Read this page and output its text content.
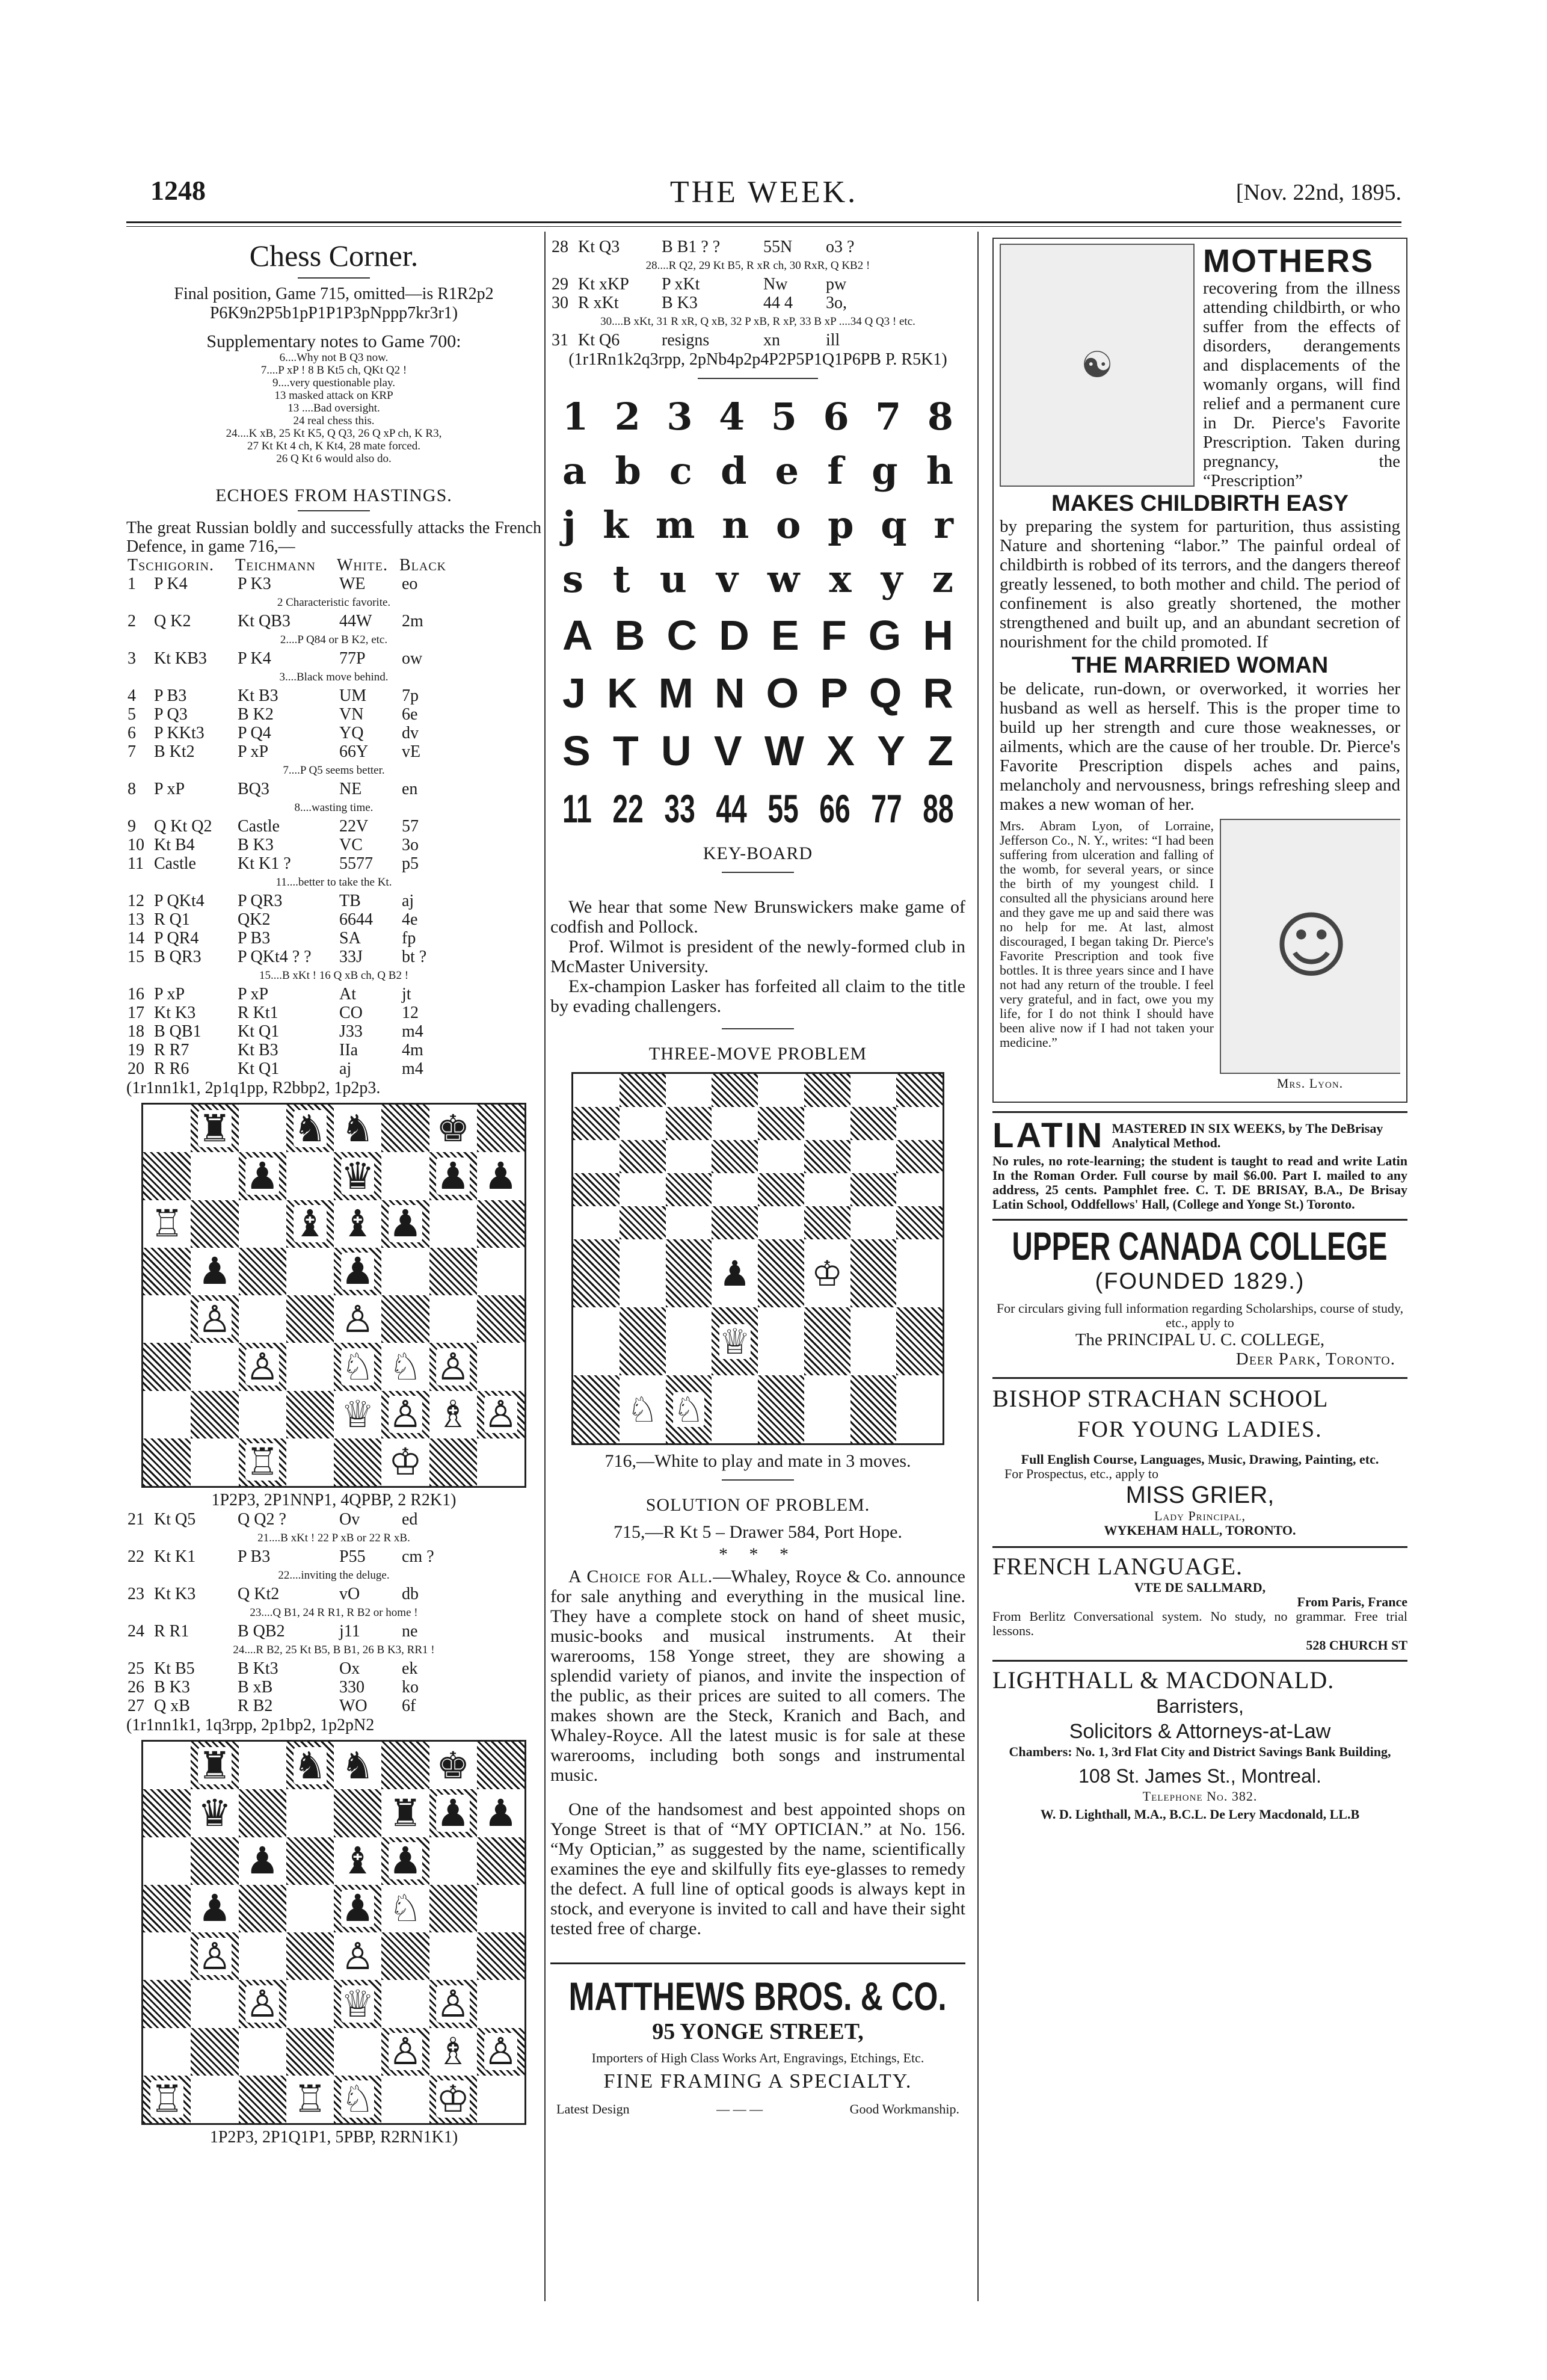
1248	THE WEEK.	[Nov. 22nd, 1895.
Chess Corner.
Final position, Game 715, omitted—is R1R2p2 P6K9n2P5b1pP1P1P3pNppp7kr3r1)
Supplementary notes to Game 700:
6....Why not B Q3 now.
7....P xP ! 8 B Kt5 ch, QKt Q2 !
9....very questionable play.
13 masked attack on KRP
13 ....Bad oversight.
24 real chess this.
24....K xB, 25 Kt K5, Q Q3, 26 Q xP ch, K R3,
27 Kt Kt 4 ch, K Kt4, 28 mate forced.
26 Q Kt 6 would also do.
ECHOES FROM HASTINGS.
The great Russian boldly and successfully attacks the French Defence, in game 716,—
Tschigorin.	Teichmann	White.	Black
1	P K4	P K3	WE	eo
2 Characteristic favorite.				
2	Q K2	Kt QB3	44W	2m
2....P Q84 or B K2, etc.				
3	Kt KB3	P K4	77P	ow
3....Black move behind.				
4	P B3	Kt B3	UM	7p
5	P Q3	B K2	VN	6e
6	P KKt3	P Q4	YQ	dv
7	B Kt2	P xP	66Y	vE
7....P Q5 seems better.				
8	P xP	BQ3	NE	en
8....wasting time.				
9	Q Kt Q2	Castle	22V	57
10	Kt B4	B K3	VC	3o
11	Castle	Kt K1 ?	5577	p5
11....better to take the Kt.				
12	P QKt4	P QR3	TB	aj
13	R Q1	QK2	6644	4e
14	P QR4	P B3	SA	fp
15	B QR3	P QKt4 ? ?	33J	bt ?
15....B xKt ! 16 Q xB ch, Q B2 !				
16	P xP	P xP	At	jt
17	Kt K3	R Kt1	CO	12
18	B QB1	Kt Q1	J33	m4
19	R R7	Kt B3	IIa	4m
20	R R6	Kt Q1	aj	m4
(1r1nn1k1, 2p1q1pp, R2bbp2, 1p2p3.
♜ ♞ ♞ ♚
♟ ♛ ♟ ♟
♖	♝ ♝ ♟
♟	♟
♙	♙
♙ ♘ ♘ ♙
♕ ♙ ♗ ♙
♖	♔
1P2P3, 2P1NNP1, 4QPBP, 2 R2K1)
21	Kt Q5	Q Q2 ?	Ov	ed
21....B xKt ! 22 P xB or 22 R xB.				
22	Kt K1	P B3	P55	cm ?
22....inviting the deluge.				
23	Kt K3	Q Kt2	vO	db
23....Q B1, 24 R R1, R B2 or home !				
24	R R1	B QB2	j11	ne
24....R B2, 25 Kt B5, B B1, 26 B K3, RR1 !				
25	Kt B5	B Kt3	Ox	ek
26	B K3	B xB	330	ko
27	Q xB	R B2	WO	6f
(1r1nn1k1, 1q3rpp, 2p1bp2, 1p2pN2
♜ ♞ ♞ ♚
♛	♜ ♟ ♟
♟ ♝ ♟
♟	♟ ♘
♙	♙
♙ ♕ ♙
♙ ♗ ♙
♖	♖ ♘ ♔
1P2P3, 2P1Q1P1, 5PBP, R2RN1K1)
28	Kt Q3	B B1 ? ?	55N	o3 ?
28....R Q2, 29 Kt B5, R xR ch, 30 RxR, Q KB2 !				
29	Kt xKP	P xKt	Nw	pw
30	R xKt	B K3	44 4	3o,
30....B xKt, 31 R xR, Q xB, 32 P xB, R xP, 33 B xP ....34 Q Q3 ! etc.				
31	Kt Q6	resigns	xn	ill
(1r1Rn1k2q3rpp, 2pNb4p2p4P2P5P1Q1P6PB P. R5K1)
1 2 3 4 5 6 7 8
a b c d e f g h
j k m n o p q r
s t u v w x y z
A B C D E F G H
J K M N O P Q R
S T U V W X Y Z
11 22 33 44 55 66 77 88
KEY-BOARD
We hear that some New Brunswickers make game of codfish and Pollock.
Prof. Wilmot is president of the newly-formed club in McMaster University.
Ex-champion Lasker has forfeited all claim to the title by evading challengers.
THREE-MOVE PROBLEM
♟ ♔
♕
♘ ♘
716,—White to play and mate in 3 moves.
SOLUTION OF PROBLEM.
715,—R Kt 5 – Drawer 584, Port Hope.
* * *
A Choice for All.—Whaley, Royce & Co. announce for sale anything and everything in the musical line. They have a complete stock on hand of sheet music, music-books and musical instruments. At their warerooms, 158 Yonge street, they are showing a splendid variety of pianos, and invite the inspection of the public, as their prices are suited to all comers. The makes shown are the Steck, Kranich and Bach, and Whaley-Royce. All the latest music is for sale at these warerooms, including both songs and instrumental music.
One of the handsomest and best appointed shops on Yonge Street is that of “MY OPTICIAN.” at No. 156. “My Optician,” as suggested by the name, scientifically examines the eye and skilfully fits eye-glasses to remedy the defect. A full line of optical goods is always kept in stock, and everyone is invited to call and have their sight tested free of charge.
MATTHEWS BROS. & CO.
95 YONGE STREET,
Importers of High Class Works Art, Engravings, Etchings, Etc.
FINE FRAMING A SPECIALTY.
Latest Design	— — —	Good Workmanship.
☯
MOTHERS
recovering from the illness attending childbirth, or who suffer from the effects of disorders, derangements and displacements of the womanly organs, will find relief and a permanent cure in Dr. Pierce's Favorite Prescription. Taken during pregnancy, the “Prescription”
MAKES CHILDBIRTH EASY
by preparing the system for parturition, thus assisting Nature and shortening “labor.” The painful ordeal of childbirth is robbed of its terrors, and the dangers thereof greatly lessened, to both mother and child. The period of confinement is also greatly shortened, the mother strengthened and built up, and an abundant secretion of nourishment for the child promoted. If
THE MARRIED WOMAN
be delicate, run-down, or overworked, it worries her husband as well as herself. This is the proper time to build up her strength and cure those weaknesses, or ailments, which are the cause of her trouble. Dr. Pierce's Favorite Prescription dispels aches and pains, melancholy and nervousness, brings refreshing sleep and makes a new woman of her.
☺
Mrs. Lyon.
Mrs. Abram Lyon, of Lorraine, Jefferson Co., N. Y., writes: “I had been suffering from ulceration and falling of the womb, for several years, or since the birth of my youngest child. I consulted all the physicians around here and they gave me up and said there was no help for me. At last, almost discouraged, I began taking Dr. Pierce's Favorite Prescription and took five bottles. It is three years since and I have not had any return of the trouble. I feel very grateful, and in fact, owe you my life, for I do not think I should have been alive now if I had not taken your medicine.”
LATIN MASTERED IN SIX WEEKS, by The DeBrisay Analytical Method.
No rules, no rote-learning; the student is taught to read and write Latin In the Roman Order. Full course by mail $6.00. Part I. mailed to any address, 25 cents. Pamphlet free. C. T. DE BRISAY, B.A., De Brisay Latin School, Oddfellows' Hall, (College and Yonge St.) Toronto.
UPPER CANADA COLLEGE
(FOUNDED 1829.)
For circulars giving full information regarding Scholarships, course of study, etc., apply to
The PRINCIPAL U. C. COLLEGE,
Deer Park, Toronto.
BISHOP STRACHAN SCHOOL
FOR YOUNG LADIES.
Full English Course, Languages, Music, Drawing, Painting, etc.
For Prospectus, etc., apply to
MISS GRIER,
Lady Principal,
WYKEHAM HALL, TORONTO.
FRENCH LANGUAGE.
VTE DE SALLMARD,
From Paris, France
From Berlitz Conversational system. No study, no grammar. Free trial lessons.
528 CHURCH ST
LIGHTHALL & MACDONALD.
Barristers,
Solicitors & Attorneys-at-Law
Chambers: No. 1, 3rd Flat City and District Savings Bank Building,
108 St. James St., Montreal.
Telephone No. 382.
W. D. Lighthall, M.A., B.C.L. De Lery Macdonald, LL.B
